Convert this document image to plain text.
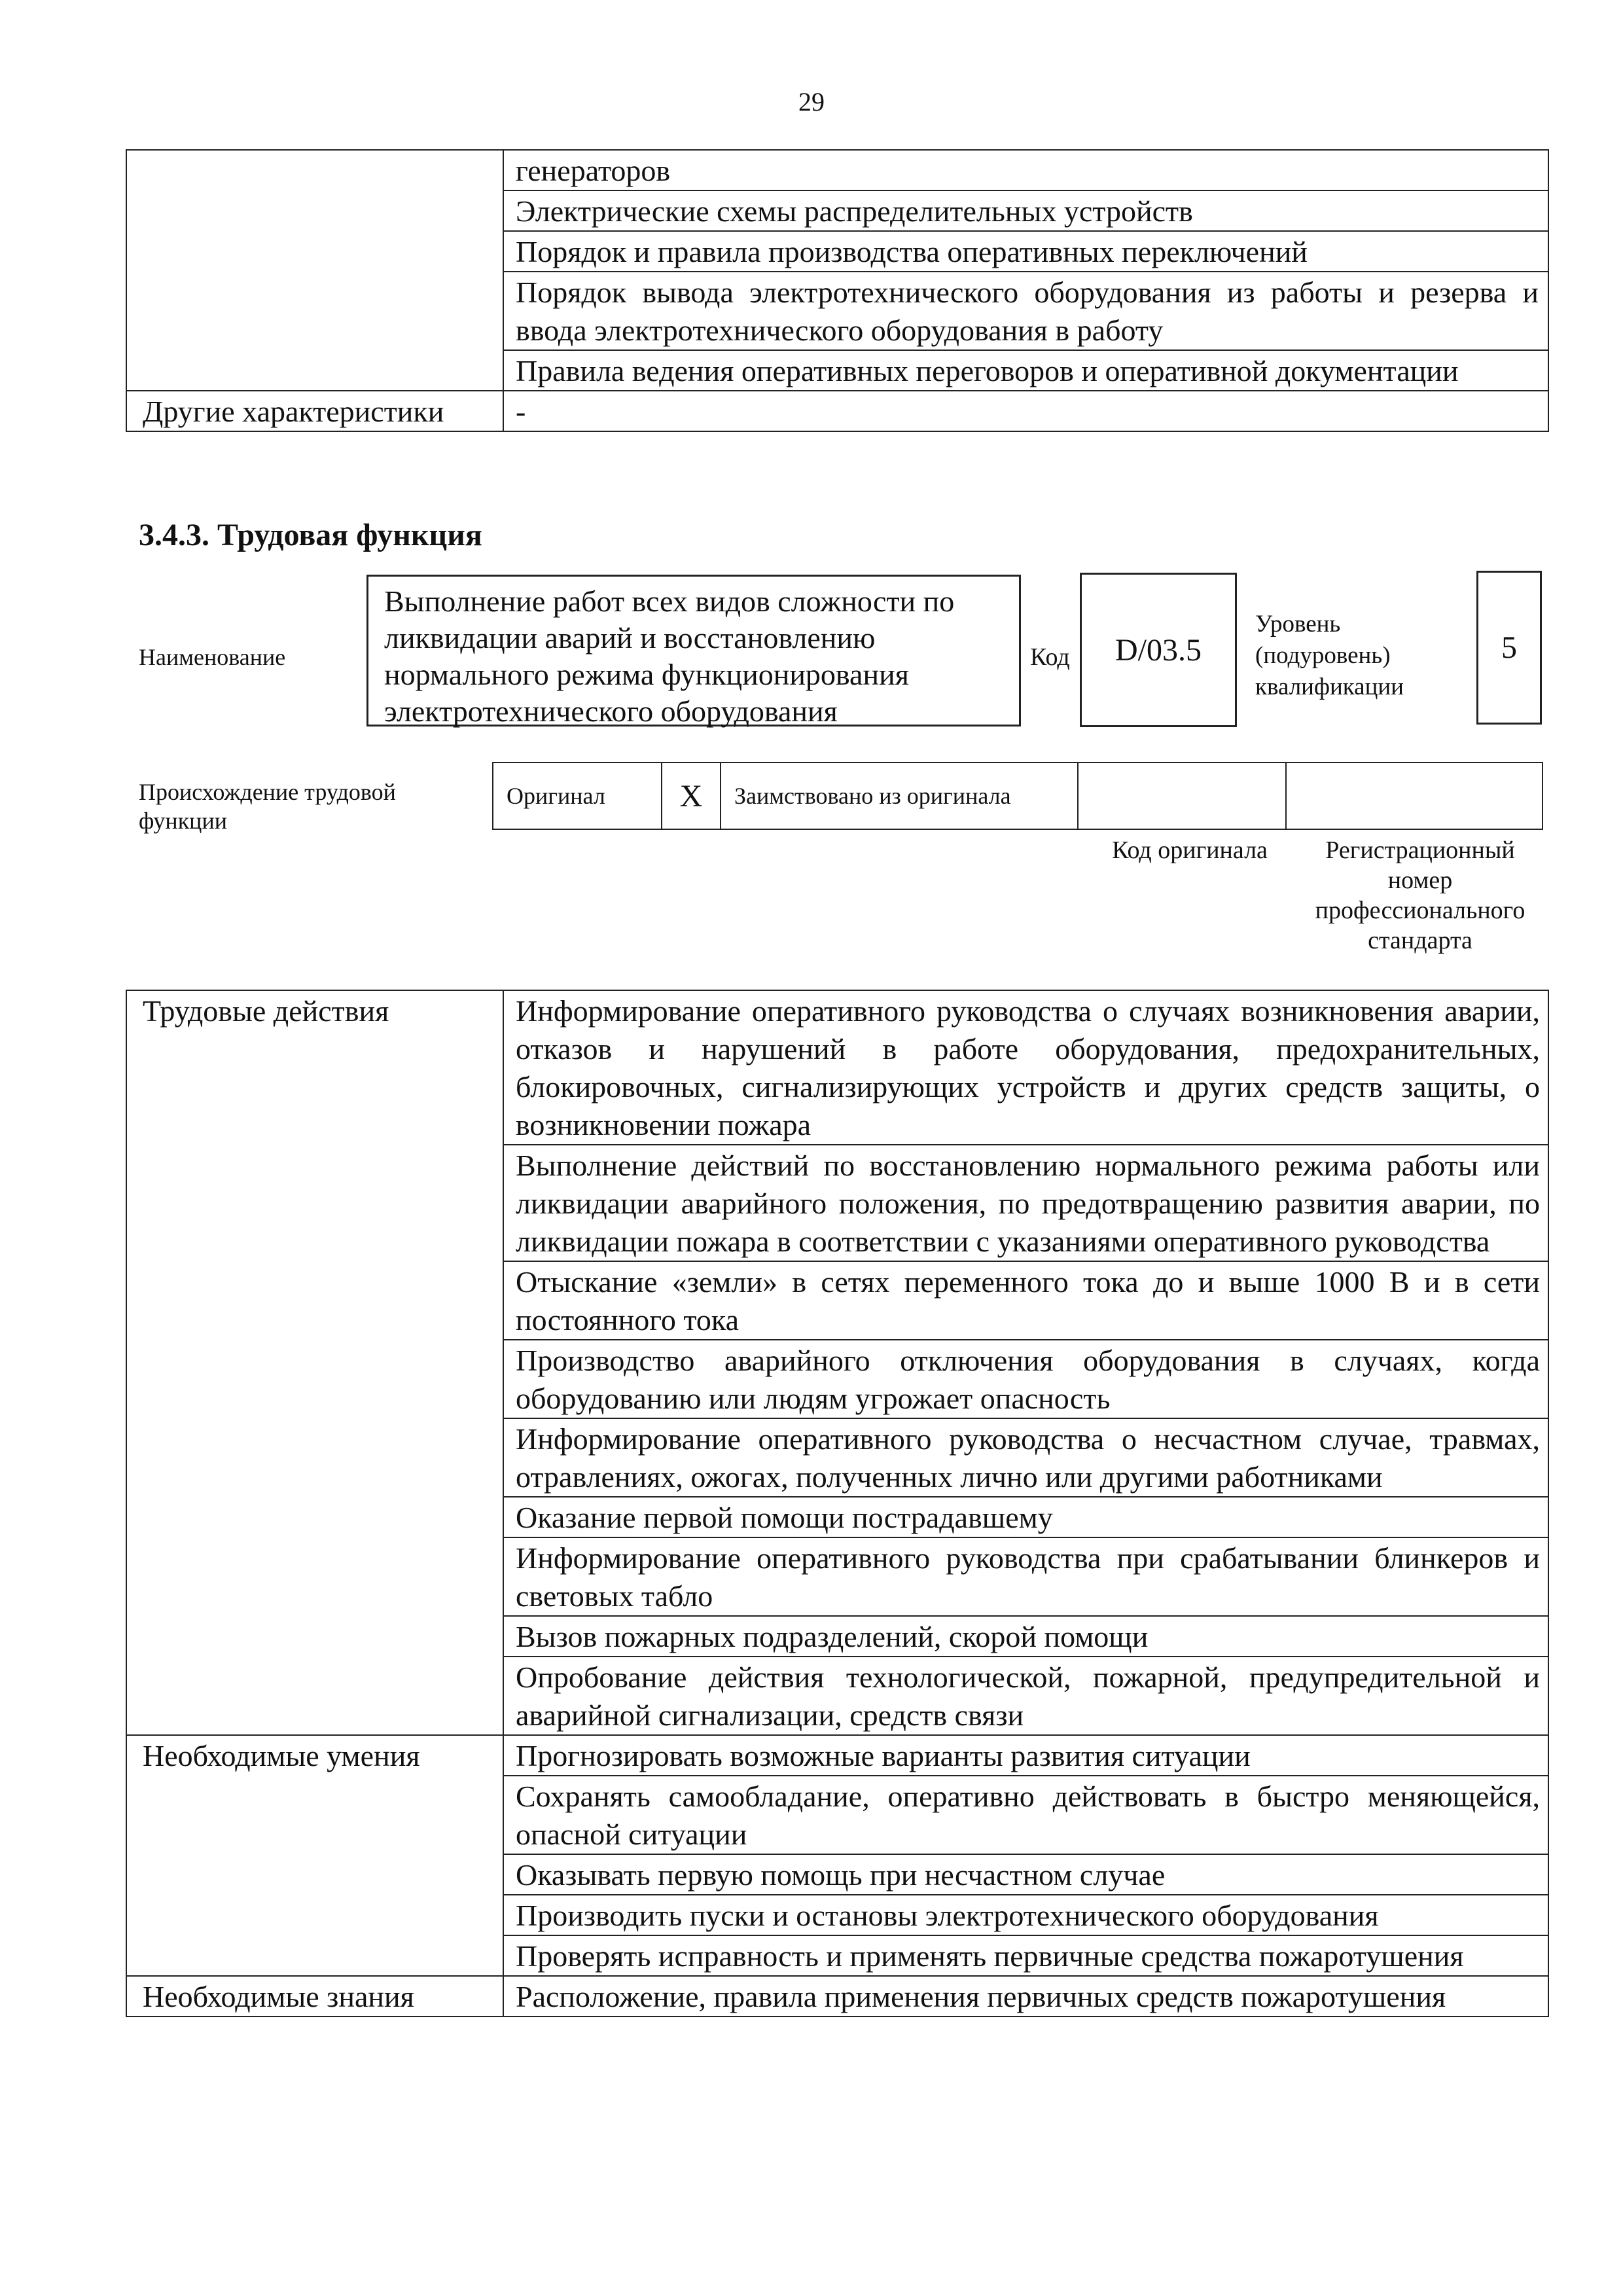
29
	генераторов
	Электрические схемы распределительных устройств
	Порядок и правила производства оперативных переключений
	Порядок вывода электротехнического оборудования из работы и резерва и ввода электротехнического оборудования в работу
	Правила ведения оперативных переговоров и оперативной документации
Другие характеристики	-
3.4.3. Трудовая функция
Наименование
Выполнение работ всех видов сложности по ликвидации аварий и восстановлению нормального режима функционирования электротехнического оборудования
Код	D/03.5
Уровень (подуровень) квалификации
5
Происхождение трудовой функции
Оригинал	X	Заимствовано из оригинала		
Код оригинала	Регистрационный номер профессионального стандарта
Трудовые действия	Информирование оперативного руководства о случаях возникновения аварии, отказов и нарушений в работе оборудования, предохранительных, блокировочных, сигнализирующих устройств и других средств защиты, о возникновении пожара
	Выполнение действий по восстановлению нормального режима работы или ликвидации аварийного положения, по предотвращению развития аварии, по ликвидации пожара в соответствии с указаниями оперативного руководства
	Отыскание «земли» в сетях переменного тока до и выше 1000 В и в сети постоянного тока
	Производство аварийного отключения оборудования в случаях, когда оборудованию или людям угрожает опасность
	Информирование оперативного руководства о несчастном случае, травмах, отравлениях, ожогах, полученных лично или другими работниками
	Оказание первой помощи пострадавшему
	Информирование оперативного руководства при срабатывании блинкеров и световых табло
	Вызов пожарных подразделений, скорой помощи
	Опробование действия технологической, пожарной, предупредительной и аварийной сигнализации, средств связи
Необходимые умения	Прогнозировать возможные варианты развития ситуации
	Сохранять самообладание, оперативно действовать в быстро меняющейся, опасной ситуации
	Оказывать первую помощь при несчастном случае
	Производить пуски и остановы электротехнического оборудования
	Проверять исправность и применять первичные средства пожаротушения
Необходимые знания	Расположение, правила применения первичных средств пожаротушения
